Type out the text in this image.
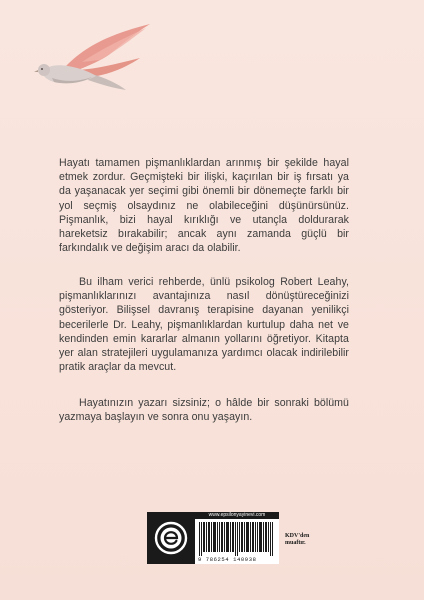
Hayatı tamamen pişmanlıklardan arınmış bir şekilde hayal etmek zordur. Geçmişteki bir ilişki, kaçırılan bir iş fırsatı ya da yaşanacak yer seçimi gibi önemli bir dönemeçte farklı bir yol seçmiş olsaydınız ne olabileceğini düşünürsünüz. Pişmanlık, bizi hayal kırıklığı ve utançla doldurarak hareketsiz bırakabilir; ancak aynı zamanda güçlü bir farkındalık ve değişim aracı da olabilir.

Bu ilham verici rehberde, ünlü psikolog Robert Leahy, pişmanlıklarınızı avantajınıza nasıl dönüştüreceğinizi gösteriyor. Bilişsel davranış terapisine dayanan yenilikçi becerilerle Dr. Leahy, pişmanlıklardan kurtulup daha net ve kendinden emin kararlar almanın yollarını öğretiyor. Kitapta yer alan stratejileri uygulamanıza yardımcı olacak indirilebilir pratik araçlar da mevcut.

Hayatınızın yazarı sizsiniz; o hâlde bir sonraki bölümü yazmaya başlayın ve sonra onu yaşayın.

www.epsilonyayinevi.com
9 786254 140938
KDV'den
muaftır.
